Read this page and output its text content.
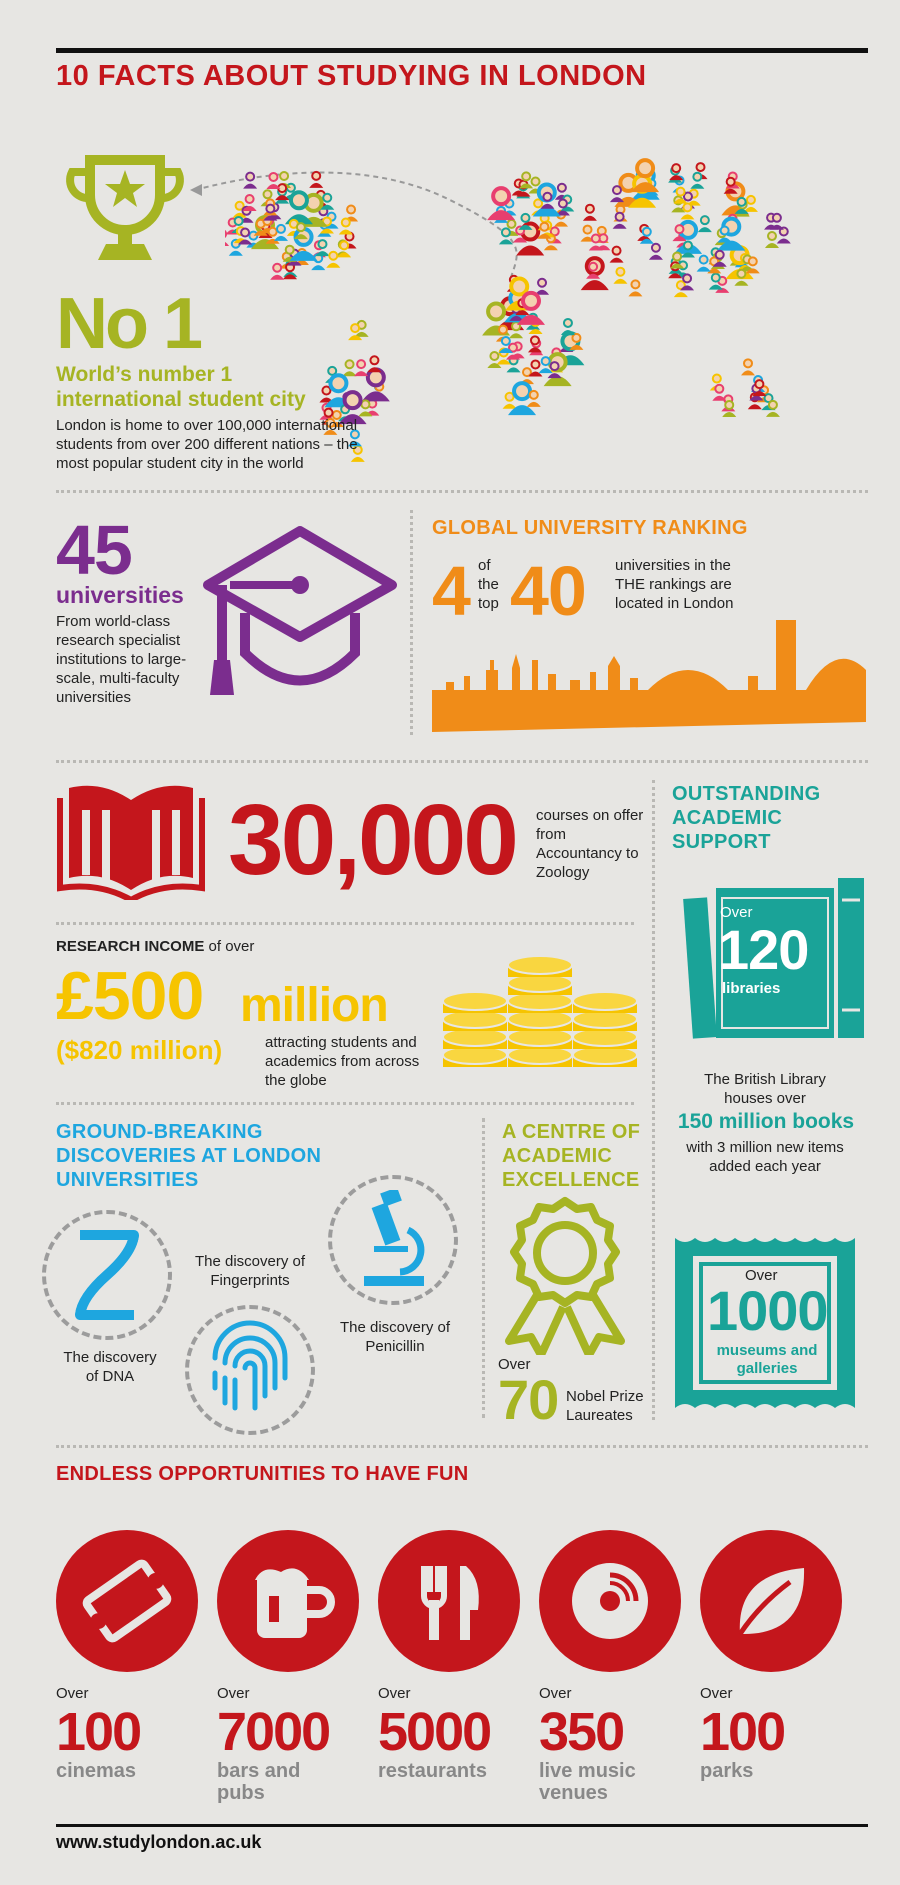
10 FACTS ABOUT STUDYING IN LONDON
No 1
World’s number 1 international student city
London is home to over 100,000 international students from over 200 different nations – the most popular student city in the world
45
universities
From world-class research specialist institutions to large-scale, multi-faculty universities
GLOBAL UNIVERSITY RANKING
4 of the top 40 universities in the THE rankings are located in London
30,000 courses on offer from Accountancy to Zoology
RESEARCH INCOME of over
£500 million
($820 million)	attracting students and academics from across the globe
OUTSTANDING ACADEMIC SUPPORT
Over
120
libraries
The British Library houses over
150 million books
with 3 million new items added each year
Over
1000
museums and galleries
GROUND-BREAKING DISCOVERIES AT LONDON UNIVERSITIES
The discovery of DNA
The discovery of Fingerprints
The discovery of Penicillin
A CENTRE OF ACADEMIC EXCELLENCE
Over
70 Nobel Prize Laureates
ENDLESS OPPORTUNITIES TO HAVE FUN
Over
100
cinemas
Over
7000
bars and pubs
Over
5000
restaurants
Over
350
live music venues
Over
100
parks
www.studylondon.ac.uk
